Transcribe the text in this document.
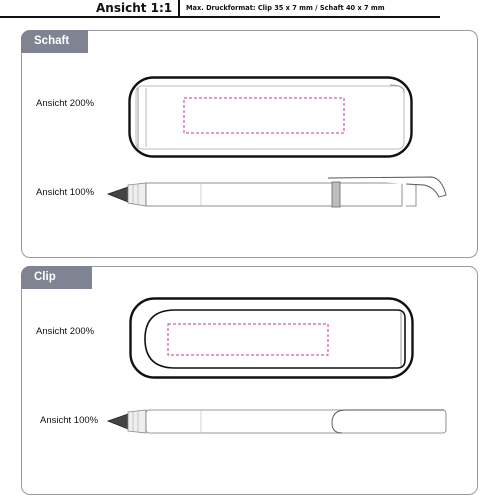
Ansicht 1:1 Max. Druckformat: Clip 35 x 7 mm / Schaft 40 x 7 mm
Schaft
Ansicht 200%
Ansicht 100%
Clip
Ansicht 200%
Ansicht 100%
